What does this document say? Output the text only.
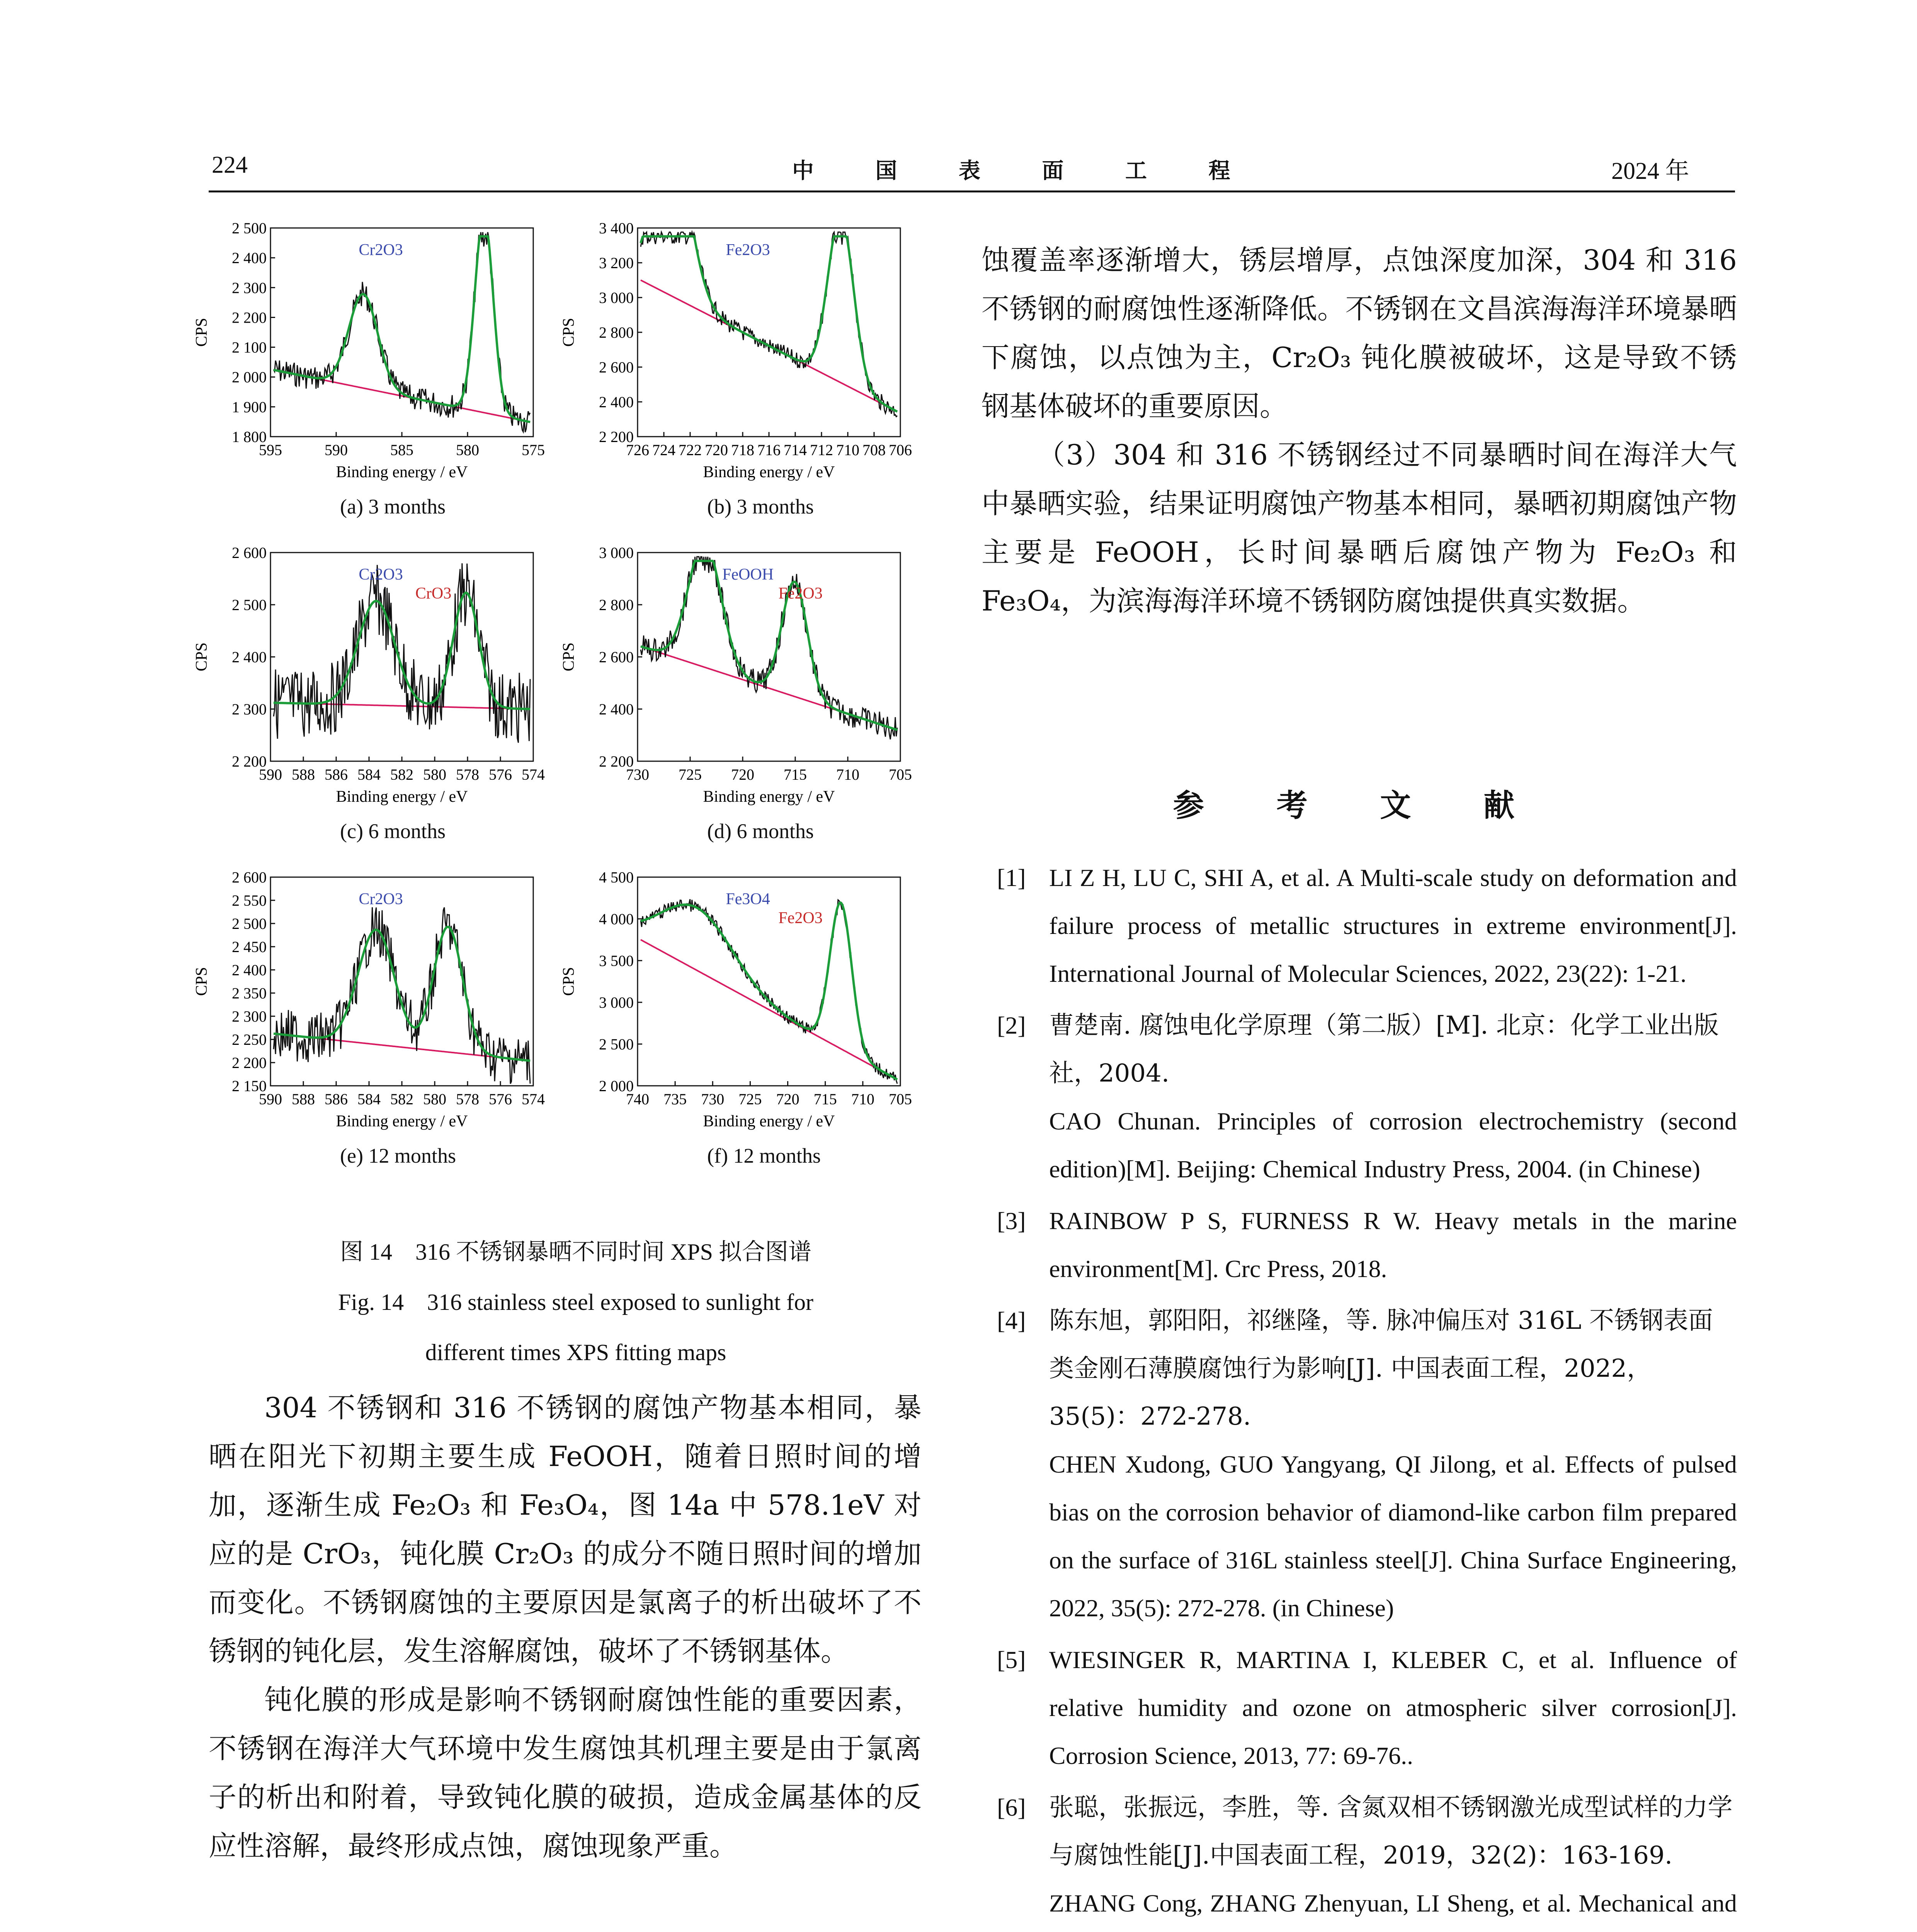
224	中 国 表 面 工 程	2024 年
2 500
2 400
2 300
2 200
2 100
2 000
1 900
1 800
595	590	585	580	575
Binding energy / eV
CPS
Cr2O3
(a) 3 months
3 400
3 200
3 000
2 800
2 600
2 400
2 200
726 724 722 720 718 716 714 712 710 708 706
Binding energy / eV
CPS
Fe2O3
(b) 3 months
2 600
2 500
2 400
2 300
2 200
590 588 586 584 582 580 578 576 574
Binding energy / eV
CPS
Cr2O3
CrO3
(c) 6 months
3 000
2 800
2 600
2 400
2 200
730 725 720 715 710 705
Binding energy / eV
CPS
FeOOH
Fe2O3
(d) 6 months
2 600
2 550
2 500
2 450
2 400
2 350
2 300
2 250
2 200
2 150
590 588 586 584 582 580 578 576 574
Binding energy / eV
CPS
Cr2O3
(e) 12 months
4 500
4 000
3 500
3 000
2 500
2 000
740 735 730 725 720 715 710 705
Binding energy / eV
CPS
Fe3O4
Fe2O3
(f) 12 months
图 14　316 不锈钢暴晒不同时间 XPS 拟合图谱
Fig. 14　316 stainless steel exposed to sunlight for
different times XPS fitting maps

304 不锈钢和 316 不锈钢的腐蚀产物基本相同，暴晒在阳光下初期主要生成 FeOOH，随着日照时间的增加，逐渐生成 Fe₂O₃ 和 Fe₃O₄，图 14a 中 578.1eV 对应的是 CrO₃，钝化膜 Cr₂O₃ 的成分不随日照时间的增加而变化。不锈钢腐蚀的主要原因是氯离子的析出破坏了不锈钢的钝化层，发生溶解腐蚀，破坏了不锈钢基体。

钝化膜的形成是影响不锈钢耐腐蚀性能的重要因素，不锈钢在海洋大气环境中发生腐蚀其机理主要是由于氯离子的析出和附着，导致钝化膜的破损，造成金属基体的反应性溶解，最终形成点蚀，腐蚀现象严重。

蚀覆盖率逐渐增大，锈层增厚，点蚀深度加深，304 和 316 不锈钢的耐腐蚀性逐渐降低。不锈钢在文昌滨海海洋环境暴晒下腐蚀，以点蚀为主，Cr₂O₃ 钝化膜被破坏，这是导致不锈钢基体破坏的重要原因。

（3）304 和 316 不锈钢经过不同暴晒时间在海洋大气中暴晒实验，结果证明腐蚀产物基本相同，暴晒初期腐蚀产物主要是 FeOOH，长时间暴晒后腐蚀产物为 Fe₂O₃ 和 Fe₃O₄，为滨海海洋环境不锈钢防腐蚀提供真实数据。

参 考 文 献
[1] LI Z H, LU C, SHI A, et al. A Multi-scale study on deformation and failure process of metallic structures in extreme environment[J]. International Journal of Molecular Sciences, 2022, 23(22): 1-21.
[2] 曹楚南. 腐蚀电化学原理（第二版）[M]. 北京：化学工业出版社，2004.
CAO Chunan. Principles of corrosion electrochemistry (second edition)[M]. Beijing: Chemical Industry Press, 2004. (in Chinese)
[3] RAINBOW P S, FURNESS R W. Heavy metals in the marine environment[M]. Crc Press, 2018.
[4] 陈东旭，郭阳阳，祁继隆，等. 脉冲偏压对 316L 不锈钢表面类金刚石薄膜腐蚀行为影响[J]. 中国表面工程，2022，35(5)：272-278.
CHEN Xudong, GUO Yangyang, QI Jilong, et al. Effects of pulsed bias on the corrosion behavior of diamond-like carbon film prepared on the surface of 316L stainless steel[J]. China Surface Engineering, 2022, 35(5): 272-278. (in Chinese)
[5] WIESINGER R, MARTINA I, KLEBER C, et al. Influence of relative humidity and ozone on atmospheric silver corrosion[J]. Corrosion Science, 2013, 77: 69-76..
[6] 张聪，张振远，李胜，等. 含氮双相不锈钢激光成型试样的力学与腐蚀性能[J].中国表面工程，2019，32(2)：163-169.
ZHANG Cong, ZHANG Zhenyuan, LI Sheng, et al. Mechanical and
